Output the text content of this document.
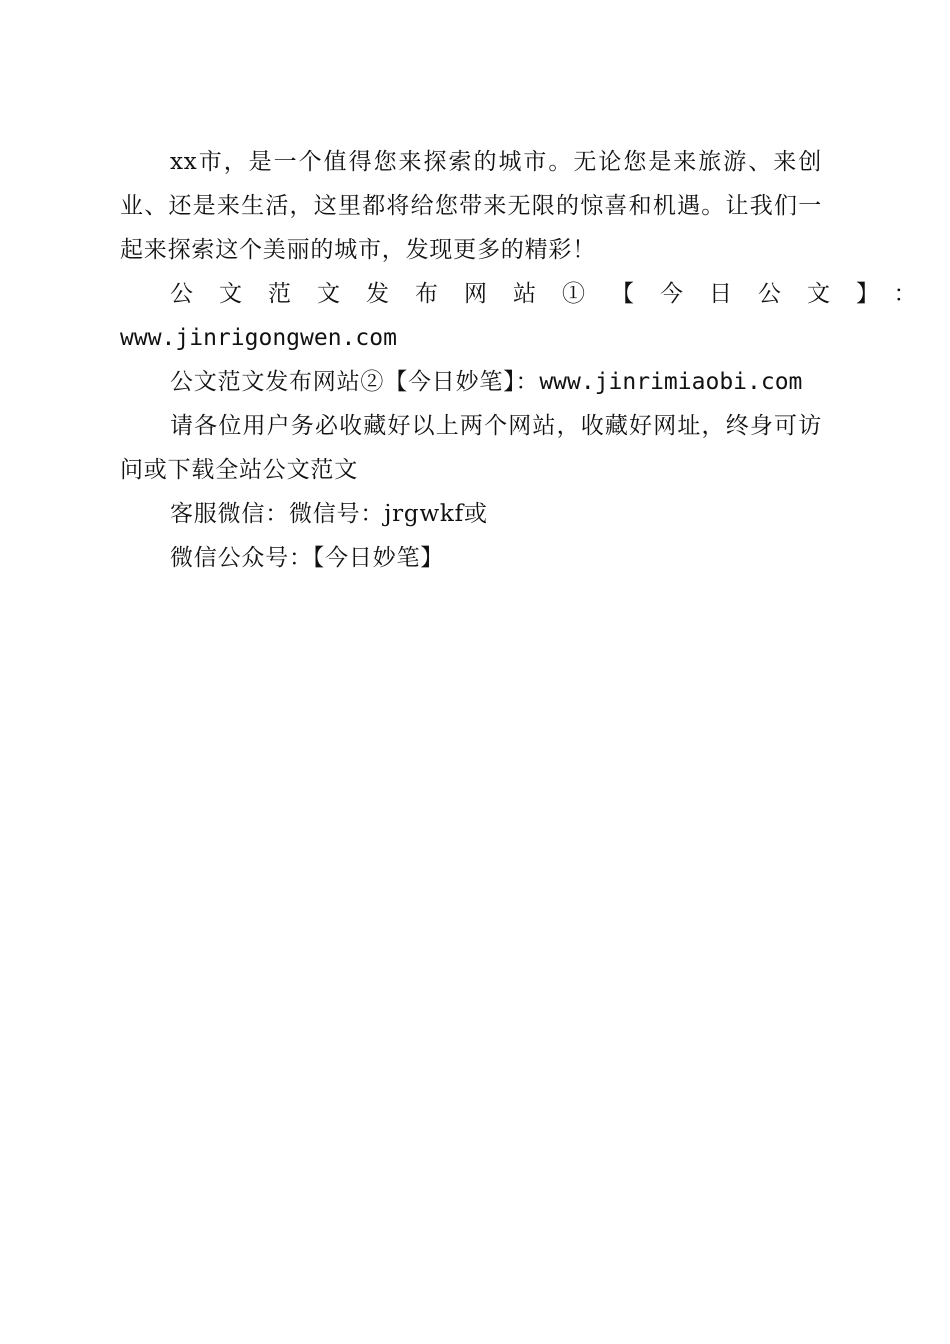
xx市，是一个值得您来探索的城市。无论您是来旅游、来创业、还是来生活，这里都将给您带来无限的惊喜和机遇。让我们一起来探索这个美丽的城市，发现更多的精彩！

公文范文发布网站①【今日公文】：
www.jinrigongwen.com

公文范文发布网站②【今日妙笔】：www.jinrimiaobi.com

请各位用户务必收藏好以上两个网站，收藏好网址，终身可访问或下载全站公文范文

客服微信：微信号：jrgwkf或

微信公众号：【今日妙笔】
